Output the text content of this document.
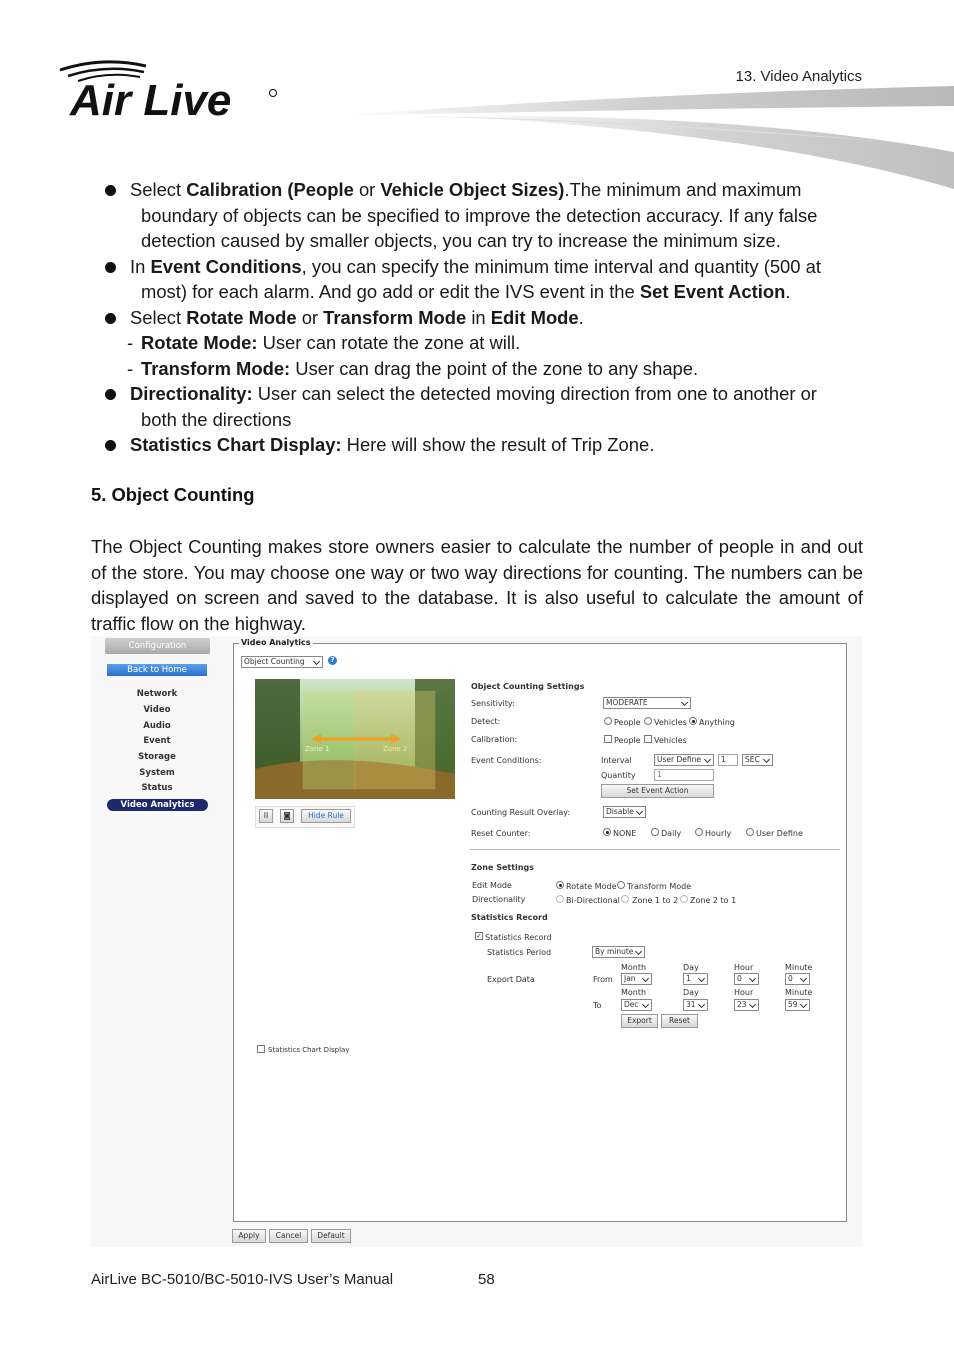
Air Live	13. Video Analytics
Select Calibration (People or Vehicle Object Sizes).The minimum and maximum
boundary of objects can be specified to improve the detection accuracy. If any false
detection caused by smaller objects, you can try to increase the minimum size.
In Event Conditions, you can specify the minimum time interval and quantity (500 at
most) for each alarm. And go add or edit the IVS event in the Set Event Action.
Select Rotate Mode or Transform Mode in Edit Mode.
- Rotate Mode: User can rotate the zone at will.
- Transform Mode: User can drag the point of the zone to any shape.
Directionality: User can select the detected moving direction from one to another or
both the directions
Statistics Chart Display: Here will show the result of Trip Zone.
5. Object Counting
The Object Counting makes store owners easier to calculate the number of people in and out of the store. You may choose one way or two way directions for counting. The numbers can be displayed on screen and saved to the database. It is also useful to calculate the amount of traffic flow on the highway.
Configuration
Back to Home
Network
Video
Audio
Event
Storage
System
Status
Video Analytics
Video Analytics
Object Counting	?
Zone 1	Zone 2
II	◙	Hide Rule
Object Counting Settings
Sensitivity:	MODERATE
Detect:	People Vehicles Anything
Calibration:	People Vehicles
Event Conditions:	Interval	User Define	1	SEC
Quantity	1
Set Event Action
Counting Result Overlay:	Disable
Reset Counter:	NONE	Daily	Hourly	User Define
Zone Settings
Edit Mode	Rotate Mode Transform Mode
Directionality	Bi-Directional Zone 1 to 2 Zone 2 to 1
Statistics Record
✓ Statistics Record
Statistics Period	By minute
Month	Day	Hour	Minute
Export Data	From	Jan	1	0	0
Month	Day	Hour	Minute
To	Dec	31	23	59
Export	Reset
Statistics Chart Display
Apply	Cancel	Default
AirLive BC-5010/BC-5010-IVS User’s Manual	58
